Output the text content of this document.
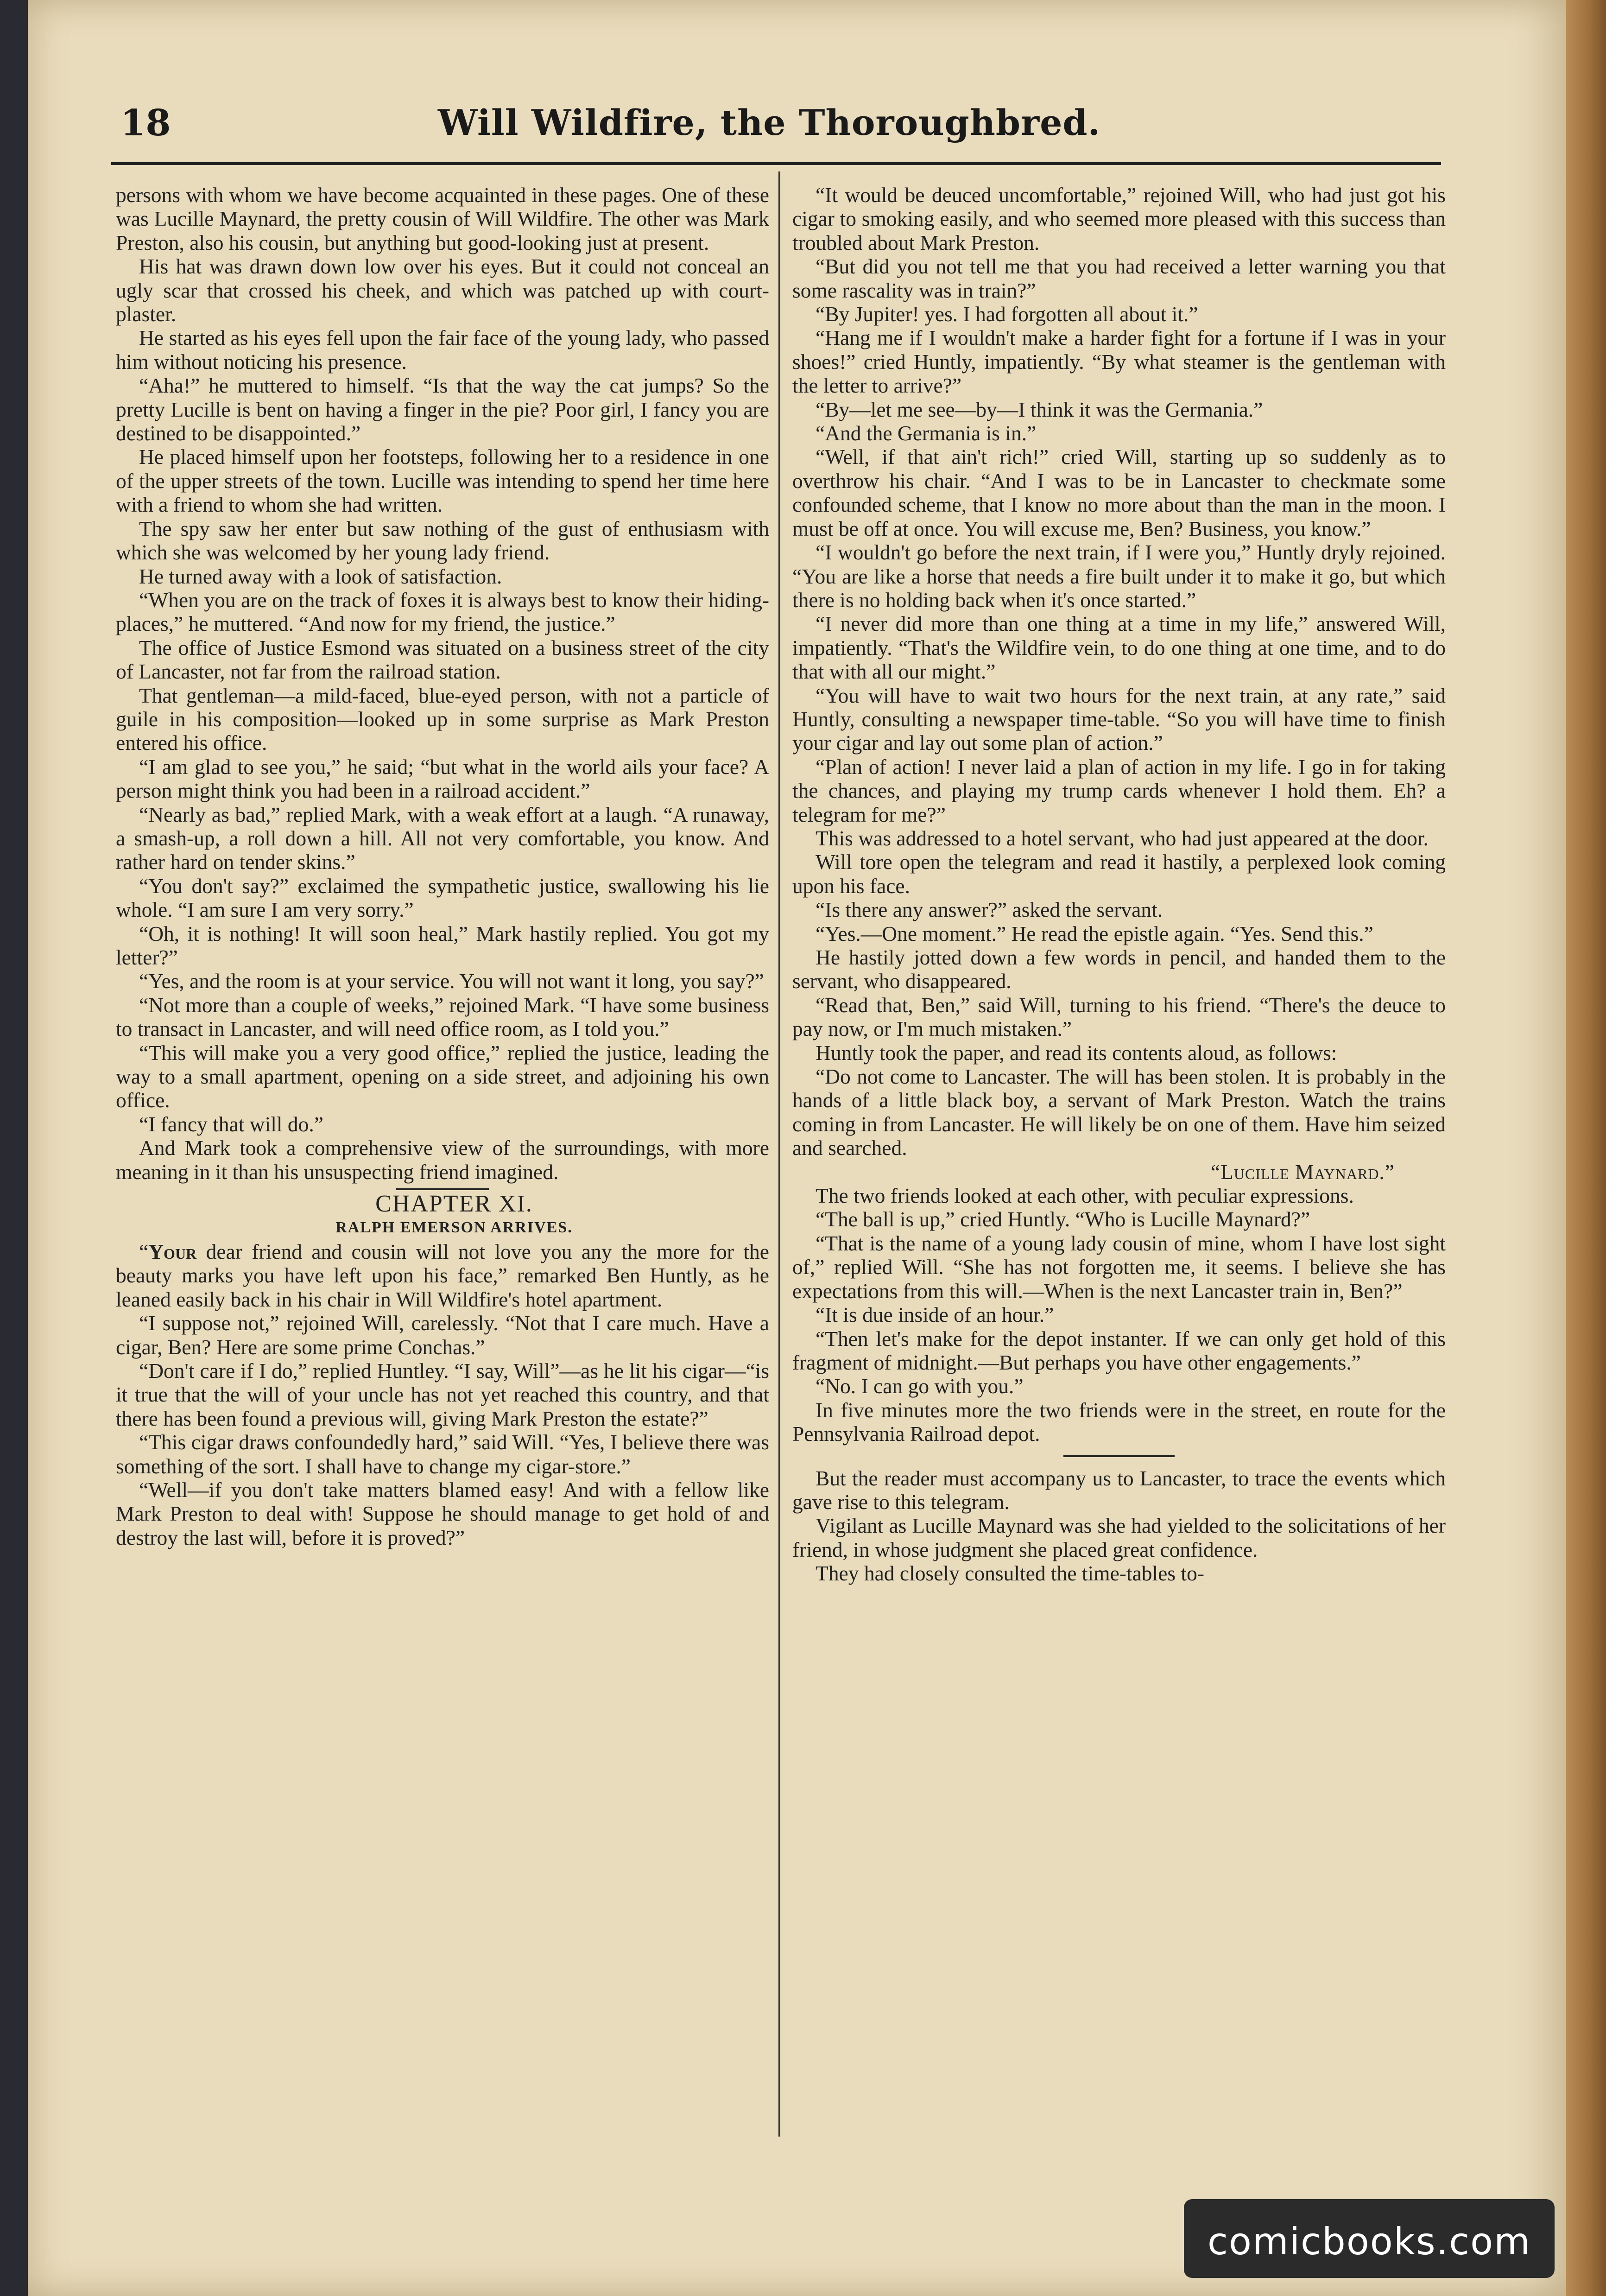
18	Will Wildfire, the Thoroughbred.

persons with whom we have become acquainted in these pages. One of these was Lucille Maynard, the pretty cousin of Will Wildfire. The other was Mark Preston, also his cousin, but anything but good-looking just at present.

His hat was drawn down low over his eyes. But it could not conceal an ugly scar that crossed his cheek, and which was patched up with court-plaster.

He started as his eyes fell upon the fair face of the young lady, who passed him without noticing his presence.

“Aha!” he muttered to himself. “Is that the way the cat jumps? So the pretty Lucille is bent on having a finger in the pie? Poor girl, I fancy you are destined to be disappointed.”

He placed himself upon her footsteps, following her to a residence in one of the upper streets of the town. Lucille was intending to spend her time here with a friend to whom she had written.

The spy saw her enter but saw nothing of the gust of enthusiasm with which she was welcomed by her young lady friend.

He turned away with a look of satisfaction.

“When you are on the track of foxes it is always best to know their hiding-places,” he muttered. “And now for my friend, the justice.”

The office of Justice Esmond was situated on a business street of the city of Lancaster, not far from the railroad station.

That gentleman—a mild-faced, blue-eyed person, with not a particle of guile in his composition—looked up in some surprise as Mark Preston entered his office.

“I am glad to see you,” he said; “but what in the world ails your face? A person might think you had been in a railroad accident.”

“Nearly as bad,” replied Mark, with a weak effort at a laugh. “A runaway, a smash-up, a roll down a hill. All not very comfortable, you know. And rather hard on tender skins.”

“You don't say?” exclaimed the sympathetic justice, swallowing his lie whole. “I am sure I am very sorry.”

“Oh, it is nothing! It will soon heal,” Mark hastily replied. You got my letter?”

“Yes, and the room is at your service. You will not want it long, you say?”

“Not more than a couple of weeks,” rejoined Mark. “I have some business to transact in Lancaster, and will need office room, as I told you.”

“This will make you a very good office,” replied the justice, leading the way to a small apartment, opening on a side street, and adjoining his own office.

“I fancy that will do.”

And Mark took a comprehensive view of the surroundings, with more meaning in it than his unsuspecting friend imagined.

CHAPTER XI.

RALPH EMERSON ARRIVES.

“Your dear friend and cousin will not love you any the more for the beauty marks you have left upon his face,” remarked Ben Huntly, as he leaned easily back in his chair in Will Wildfire's hotel apartment.

“I suppose not,” rejoined Will, carelessly. “Not that I care much. Have a cigar, Ben? Here are some prime Conchas.”

“Don't care if I do,” replied Huntley. “I say, Will”—as he lit his cigar—“is it true that the will of your uncle has not yet reached this country, and that there has been found a previous will, giving Mark Preston the estate?”

“This cigar draws confoundedly hard,” said Will. “Yes, I believe there was something of the sort. I shall have to change my cigar-store.”

“Well—if you don't take matters blamed easy! And with a fellow like Mark Preston to deal with! Suppose he should manage to get hold of and destroy the last will, before it is proved?”

“It would be deuced uncomfortable,” rejoined Will, who had just got his cigar to smoking easily, and who seemed more pleased with this success than troubled about Mark Preston.

“But did you not tell me that you had received a letter warning you that some rascality was in train?”

“By Jupiter! yes. I had forgotten all about it.”

“Hang me if I wouldn't make a harder fight for a fortune if I was in your shoes!” cried Huntly, impatiently. “By what steamer is the gentleman with the letter to arrive?”

“By—let me see—by—I think it was the Germania.”

“And the Germania is in.”

“Well, if that ain't rich!” cried Will, starting up so suddenly as to overthrow his chair. “And I was to be in Lancaster to checkmate some confounded scheme, that I know no more about than the man in the moon. I must be off at once. You will excuse me, Ben? Business, you know.”

“I wouldn't go before the next train, if I were you,” Huntly dryly rejoined. “You are like a horse that needs a fire built under it to make it go, but which there is no holding back when it's once started.”

“I never did more than one thing at a time in my life,” answered Will, impatiently. “That's the Wildfire vein, to do one thing at one time, and to do that with all our might.”

“You will have to wait two hours for the next train, at any rate,” said Huntly, consulting a newspaper time-table. “So you will have time to finish your cigar and lay out some plan of action.”

“Plan of action! I never laid a plan of action in my life. I go in for taking the chances, and playing my trump cards whenever I hold them. Eh? a telegram for me?”

This was addressed to a hotel servant, who had just appeared at the door.

Will tore open the telegram and read it hastily, a perplexed look coming upon his face.

“Is there any answer?” asked the servant.

“Yes.—One moment.” He read the epistle again. “Yes. Send this.”

He hastily jotted down a few words in pencil, and handed them to the servant, who disappeared.

“Read that, Ben,” said Will, turning to his friend. “There's the deuce to pay now, or I'm much mistaken.”

Huntly took the paper, and read its contents aloud, as follows:

“Do not come to Lancaster. The will has been stolen. It is probably in the hands of a little black boy, a servant of Mark Preston. Watch the trains coming in from Lancaster. He will likely be on one of them. Have him seized and searched.

“Lucille Maynard.”

The two friends looked at each other, with peculiar expressions.

“The ball is up,” cried Huntly. “Who is Lucille Maynard?”

“That is the name of a young lady cousin of mine, whom I have lost sight of,” replied Will. “She has not forgotten me, it seems. I believe she has expectations from this will.—When is the next Lancaster train in, Ben?”

“It is due inside of an hour.”

“Then let's make for the depot instanter. If we can only get hold of this fragment of midnight.—But perhaps you have other engagements.”

“No. I can go with you.”

In five minutes more the two friends were in the street, en route for the Pennsylvania Railroad depot.

But the reader must accompany us to Lancaster, to trace the events which gave rise to this telegram.

Vigilant as Lucille Maynard was she had yielded to the solicitations of her friend, in whose judgment she placed great confidence.

They had closely consulted the time-tables to-

comicbooks.com
